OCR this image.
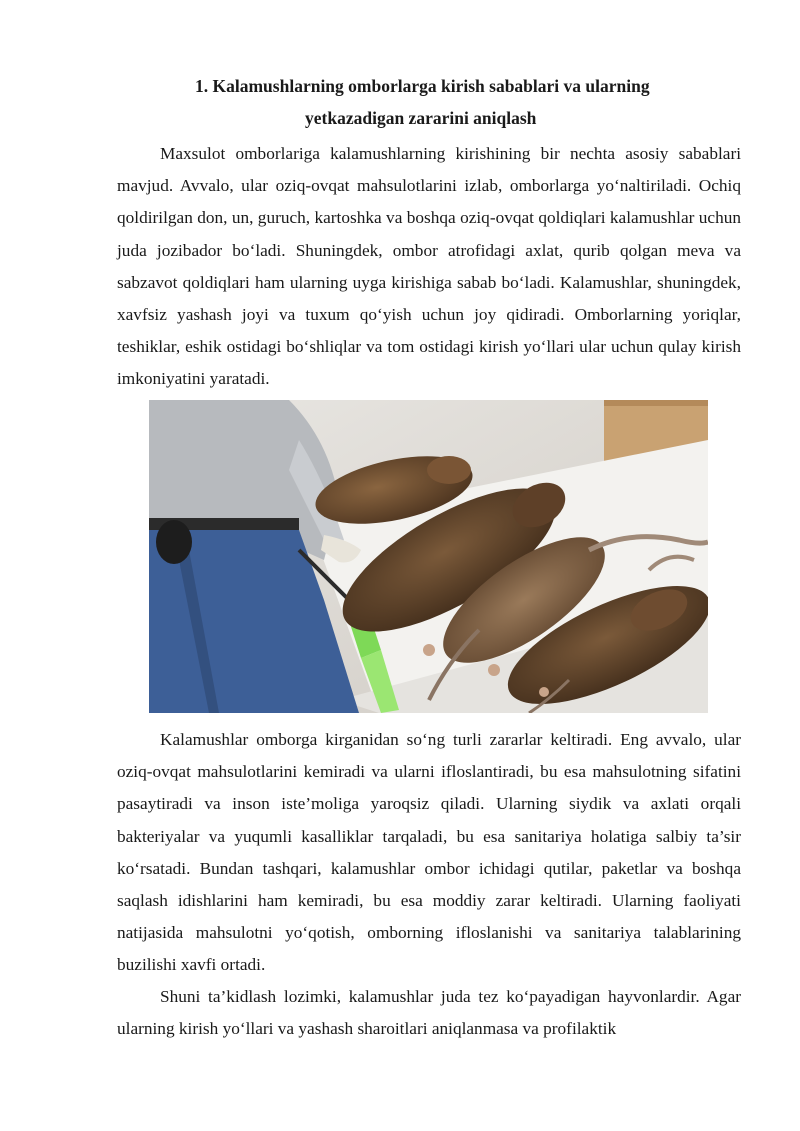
1. Kalamushlarning omborlarga kirish sabablari va ularning
yetkazadigan zararini aniqlash

Maxsulot omborlariga kalamushlarning kirishining bir nechta asosiy sabablari mavjud. Avvalo, ular oziq-ovqat mahsulotlarini izlab, omborlarga yo‘naltiriladi. Ochiq qoldirilgan don, un, guruch, kartoshka va boshqa oziq-ovqat qoldiqlari kalamushlar uchun juda jozibador bo‘ladi. Shuningdek, ombor atrofidagi axlat, qurib qolgan meva va sabzavot qoldiqlari ham ularning uyga kirishiga sabab bo‘ladi. Kalamushlar, shuningdek, xavfsiz yashash joyi va tuxum qo‘yish uchun joy qidiradi. Omborlarning yoriqlar, teshiklar, eshik ostidagi bo‘shliqlar va tom ostidagi kirish yo‘llari ular uchun qulay kirish imkoniyatini yaratadi.

Kalamushlar omborga kirganidan so‘ng turli zararlar keltiradi. Eng avvalo, ular oziq-ovqat mahsulotlarini kemiradi va ularni ifloslantiradi, bu esa mahsulotning sifatini pasaytiradi va inson iste’moliga yaroqsiz qiladi. Ularning siydik va axlati orqali bakteriyalar va yuqumli kasalliklar tarqaladi, bu esa sanitariya holatiga salbiy ta’sir ko‘rsatadi. Bundan tashqari, kalamushlar ombor ichidagi qutilar, paketlar va boshqa saqlash idishlarini ham kemiradi, bu esa moddiy zarar keltiradi. Ularning faoliyati natijasida mahsulotni yo‘qotish, omborning ifloslanishi va sanitariya talablarining buzilishi xavfi ortadi.

Shuni ta’kidlash lozimki, kalamushlar juda tez ko‘payadigan hayvonlardir. Agar ularning kirish yo‘llari va yashash sharoitlari aniqlanmasa va profilaktik
